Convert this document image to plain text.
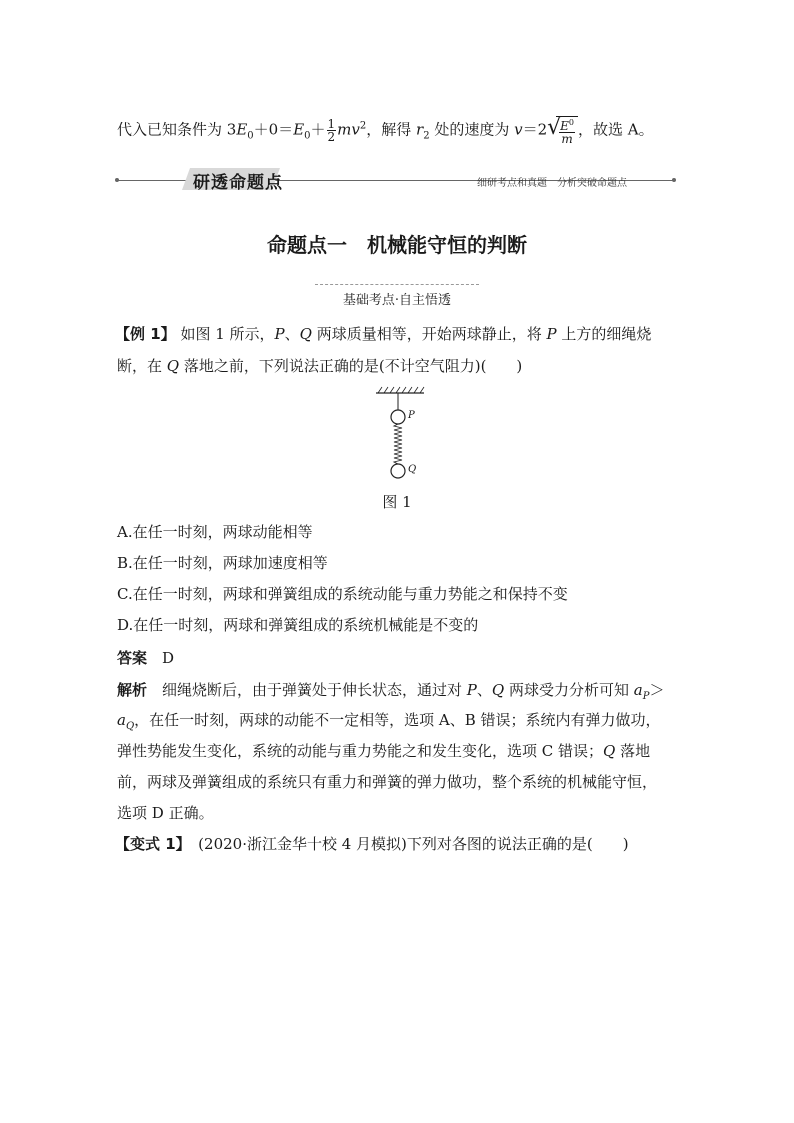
代入已知条件为 $3E_0+0=E_0+ \frac{1}{2} mv^2$，解得 $r_2$ 处的速度为 v＝2 √
$\frac{E^0}{m}$ ，故选 A。
研透命题点	细研考点和真题　分析突破命题点
命题点一　机械能守恒的判断
基础考点·自主悟透
【例 1】 如图 1 所示，P、Q 两球质量相等，开始两球静止，将 P 上方的细绳烧
断，在 Q 落地之前，下列说法正确的是(不计空气阻力)(　　)
P
Q
图 1
A.在任一时刻，两球动能相等
B.在任一时刻，两球加速度相等
C.在任一时刻，两球和弹簧组成的系统动能与重力势能之和保持不变
D.在任一时刻，两球和弹簧组成的系统机械能是不变的
答案　 D
解析　细绳烧断后，由于弹簧处于伸长状态，通过对 P、Q 两球受力分析可知 $a_P>$
$a_Q$，在任一时刻，两球的动能不一定相等，选项 A、B 错误；系统内有弹力做功，
弹性势能发生变化，系统的动能与重力势能之和发生变化，选项 C 错误；Q 落地
前，两球及弹簧组成的系统只有重力和弹簧的弹力做功，整个系统的机械能守恒，
选项 D 正确。
【变式 1】　(2020·浙江金华十校 4 月模拟)下列对各图的说法正确的是(　　)
